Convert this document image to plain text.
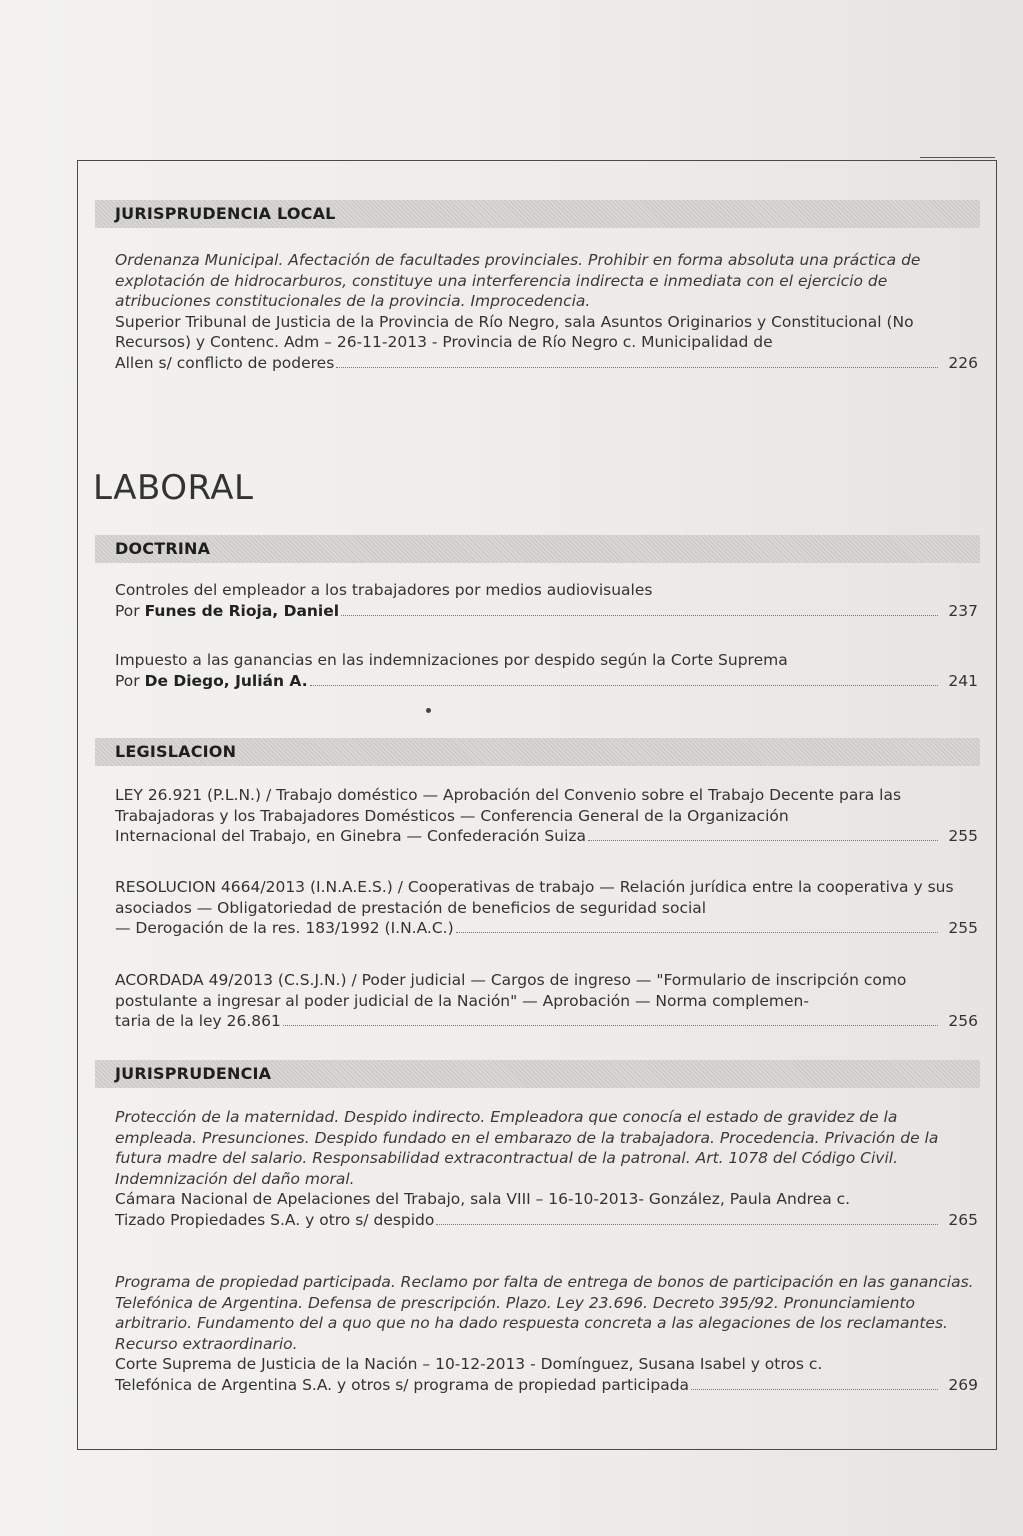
JURISPRUDENCIA LOCAL

Ordenanza Municipal. Afectación de facultades provinciales. Prohibir en forma absoluta una práctica de explotación de hidrocarburos, constituye una interferencia indirecta e inmediata con el ejercicio de atribuciones constitucionales de la provincia. Improcedencia.

Superior Tribunal de Justicia de la Provincia de Río Negro, sala Asuntos Originarios y Constitucional (No Recursos) y Contenc. Adm – 26-11-2013 - Provincia de Río Negro c. Municipalidad de

Allen s/ conflicto de poderes	226
LABORAL
DOCTRINA

Controles del empleador a los trabajadores por medios audiovisuales

Por Funes de Rioja, Daniel	237

Impuesto a las ganancias en las indemnizaciones por despido según la Corte Suprema

Por De Diego, Julián A.	241
LEGISLACION

LEY 26.921 (P.L.N.) / Trabajo doméstico — Aprobación del Convenio sobre el Trabajo Decente para las Trabajadoras y los Trabajadores Domésticos — Conferencia General de la Organización

Internacional del Trabajo, en Ginebra — Confederación Suiza	255

RESOLUCION 4664/2013 (I.N.A.E.S.) / Cooperativas de trabajo — Relación jurídica entre la cooperativa y sus asociados — Obligatoriedad de prestación de beneficios de seguridad social

— Derogación de la res. 183/1992 (I.N.A.C.)	255

ACORDADA 49/2013 (C.S.J.N.) / Poder judicial — Cargos de ingreso — "Formulario de inscripción como postulante a ingresar al poder judicial de la Nación" — Aprobación — Norma complemen-

taria de la ley 26.861	256
JURISPRUDENCIA

Protección de la maternidad. Despido indirecto. Empleadora que conocía el estado de gravidez de la empleada. Presunciones. Despido fundado en el embarazo de la trabajadora. Procedencia. Privación de la futura madre del salario. Responsabilidad extracontractual de la patronal. Art. 1078 del Código Civil. Indemnización del daño moral.

Cámara Nacional de Apelaciones del Trabajo, sala VIII – 16-10-2013- González, Paula Andrea c.

Tizado Propiedades S.A. y otro s/ despido	265

Programa de propiedad participada. Reclamo por falta de entrega de bonos de participación en las ganancias. Telefónica de Argentina. Defensa de prescripción. Plazo. Ley 23.696. Decreto 395/92. Pronunciamiento arbitrario. Fundamento del a quo que no ha dado respuesta concreta a las alegaciones de los reclamantes. Recurso extraordinario.

Corte Suprema de Justicia de la Nación – 10-12-2013 - Domínguez, Susana Isabel y otros c.

Telefónica de Argentina S.A. y otros s/ programa de propiedad participada	269
